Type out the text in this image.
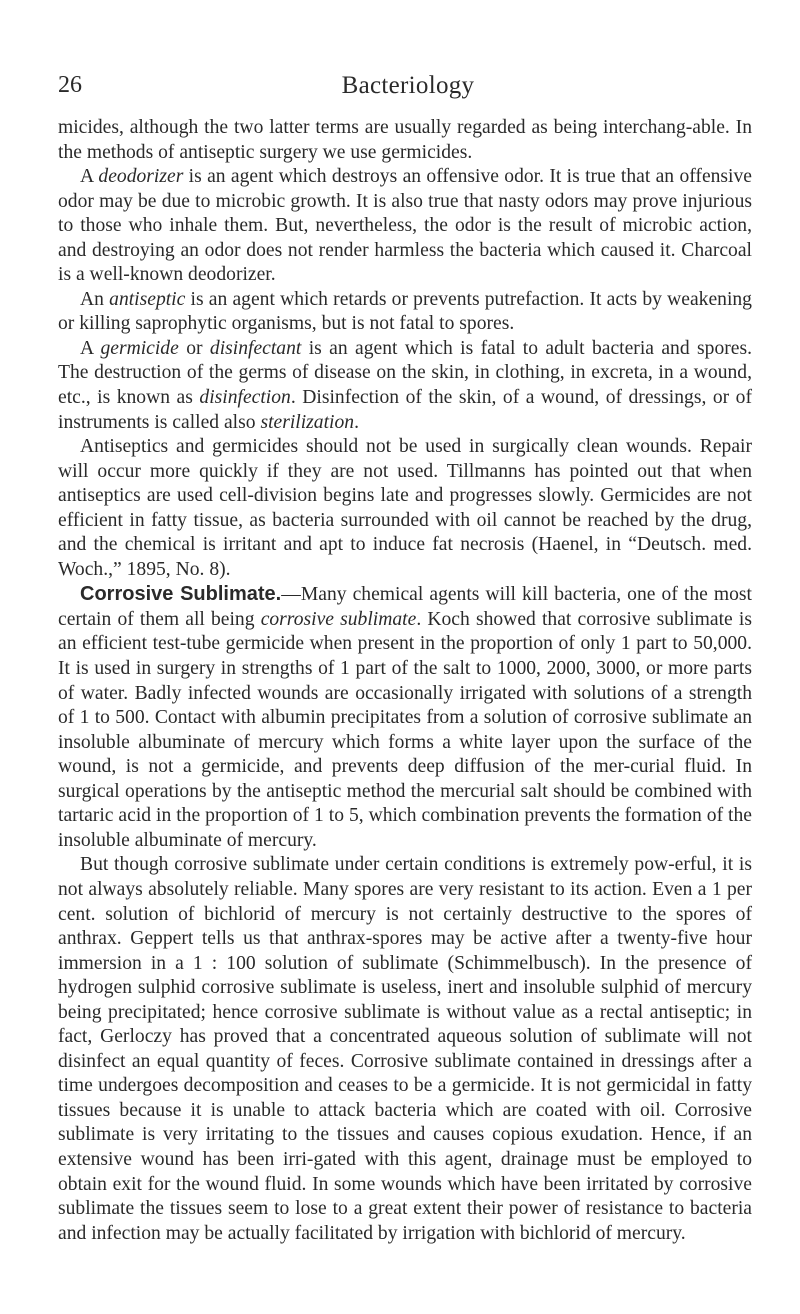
26	Bacteriology

micides, although the two latter terms are usually regarded as being interchang-able. In the methods of antiseptic surgery we use germicides.

A deodorizer is an agent which destroys an offensive odor. It is true that an offensive odor may be due to microbic growth. It is also true that nasty odors may prove injurious to those who inhale them. But, nevertheless, the odor is the result of microbic action, and destroying an odor does not render harmless the bacteria which caused it. Charcoal is a well-known deodorizer.

An antiseptic is an agent which retards or prevents putrefaction. It acts by weakening or killing saprophytic organisms, but is not fatal to spores.

A germicide or disinfectant is an agent which is fatal to adult bacteria and spores. The destruction of the germs of disease on the skin, in clothing, in excreta, in a wound, etc., is known as disinfection. Disinfection of the skin, of a wound, of dressings, or of instruments is called also sterilization.

Antiseptics and germicides should not be used in surgically clean wounds. Repair will occur more quickly if they are not used. Tillmanns has pointed out that when antiseptics are used cell-division begins late and progresses slowly. Germicides are not efficient in fatty tissue, as bacteria surrounded with oil cannot be reached by the drug, and the chemical is irritant and apt to induce fat necrosis (Haenel, in “Deutsch. med. Woch.,” 1895, No. 8).

Corrosive Sublimate.—Many chemical agents will kill bacteria, one of the most certain of them all being corrosive sublimate. Koch showed that corrosive sublimate is an efficient test-tube germicide when present in the proportion of only 1 part to 50,000. It is used in surgery in strengths of 1 part of the salt to 1000, 2000, 3000, or more parts of water. Badly infected wounds are occasionally irrigated with solutions of a strength of 1 to 500. Contact with albumin precipitates from a solution of corrosive sublimate an insoluble albuminate of mercury which forms a white layer upon the surface of the wound, is not a germicide, and prevents deep diffusion of the mer-curial fluid. In surgical operations by the antiseptic method the mercurial salt should be combined with tartaric acid in the proportion of 1 to 5, which combination prevents the formation of the insoluble albuminate of mercury.

But though corrosive sublimate under certain conditions is extremely pow-erful, it is not always absolutely reliable. Many spores are very resistant to its action. Even a 1 per cent. solution of bichlorid of mercury is not certainly destructive to the spores of anthrax. Geppert tells us that anthrax-spores may be active after a twenty-five hour immersion in a 1 : 100 solution of sublimate (Schimmelbusch). In the presence of hydrogen sulphid corrosive sublimate is useless, inert and insoluble sulphid of mercury being precipitated; hence corrosive sublimate is without value as a rectal antiseptic; in fact, Gerloczy has proved that a concentrated aqueous solution of sublimate will not disinfect an equal quantity of feces. Corrosive sublimate contained in dressings after a time undergoes decomposition and ceases to be a germicide. It is not germicidal in fatty tissues because it is unable to attack bacteria which are coated with oil. Corrosive sublimate is very irritating to the tissues and causes copious exudation. Hence, if an extensive wound has been irri-gated with this agent, drainage must be employed to obtain exit for the wound fluid. In some wounds which have been irritated by corrosive sublimate the tissues seem to lose to a great extent their power of resistance to bacteria and infection may be actually facilitated by irrigation with bichlorid of mercury.
